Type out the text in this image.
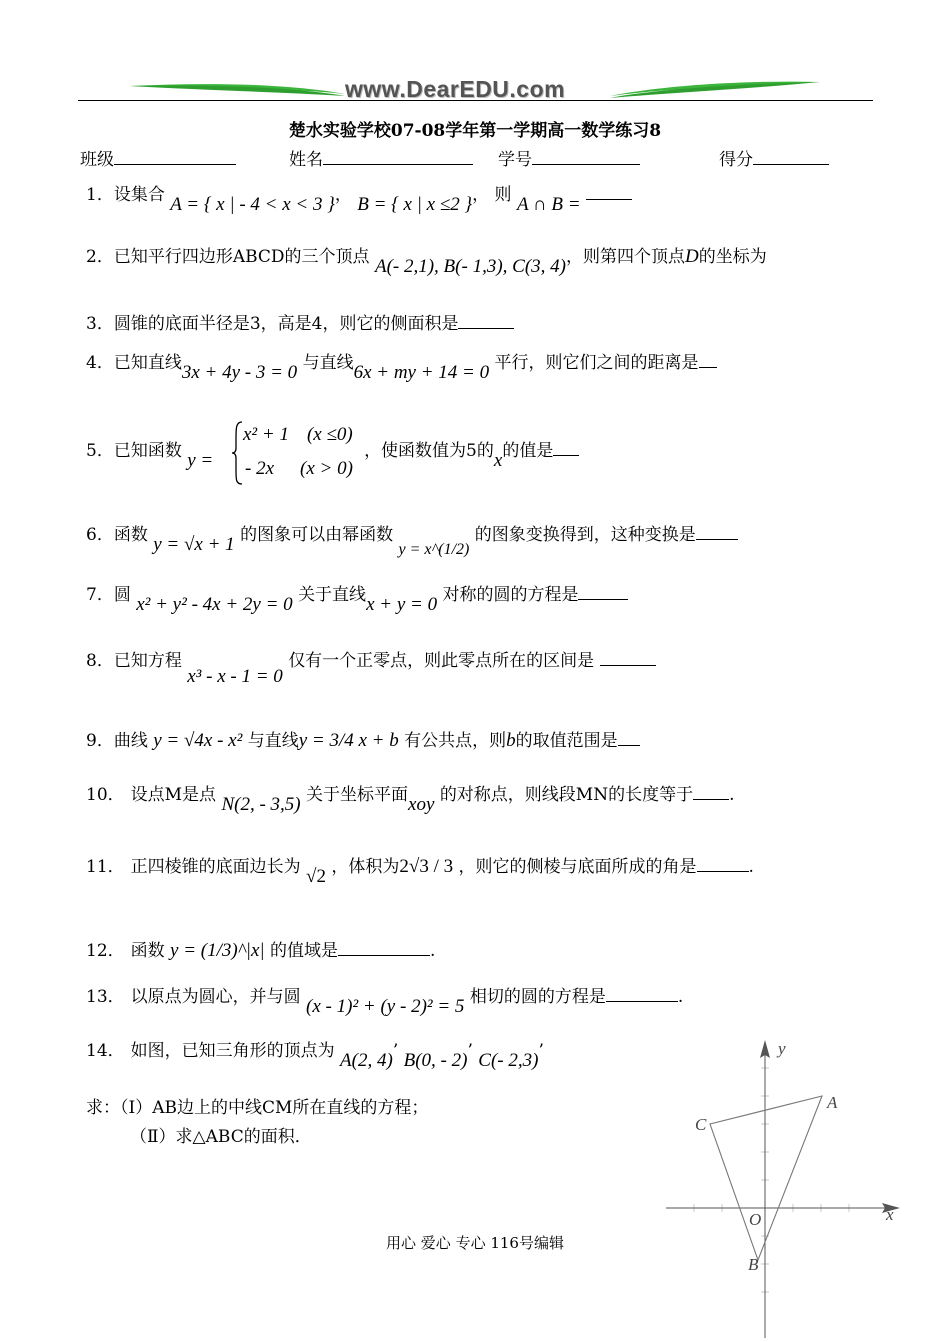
www.DearEDU.com
楚水实验学校07-08学年第一学期高一数学练习8
班级	姓名	学号	得分
1．设集合 A = { x | - 4 < x < 3 }， B = { x | x ≤2 }， 则 A ∩ B =
2．已知平行四边形ABCD的三个顶点 A(- 2,1), B(- 1,3), C(3, 4)，则第四个顶点D的坐标为
3．圆锥的底面半径是3，高是4，则它的侧面积是
4．已知直线3x + 4y - 3 = 0 与直线6x + my + 14 = 0 平行，则它们之间的距离是
5．已知函数 y =	，使函数值为5的x的值是
x² + 1 (x ≤0)
- 2x (x > 0)
6．函数 y = √x + 1 的图象可以由幂函数 y = x^(1/2) 的图象变换得到，这种变换是
7．圆 x² + y² - 4x + 2y = 0 关于直线x + y = 0 对称的圆的方程是
8．已知方程 x³ - x - 1 = 0 仅有一个正零点，则此零点所在的区间是
9．曲线 y = √4x - x² 与直线y = 3/4 x + b 有公共点，则b的取值范围是
10． 设点M是点 N(2, - 3,5) 关于坐标平面xoy 的对称点，则线段MN的长度等于 .
11． 正四棱锥的底面边长为 √2 ，体积为2√3 / 3 ，则它的侧棱与底面所成的角是	.
12． 函数 y = (1/3)^|x| 的值域是	.
13． 以原点为圆心，并与圆 (x - 1)² + (y - 2)² = 5 相切的圆的方程是	.
14． 如图，已知三角形的顶点为 A(2, 4)’ B(0, - 2)’ C(- 2,3)’
求：（Ⅰ）AB边上的中线CM所在直线的方程；
（Ⅱ）求△ABC的面积．
y
x
O
A
B
C
用心 爱心 专心 116号编辑
